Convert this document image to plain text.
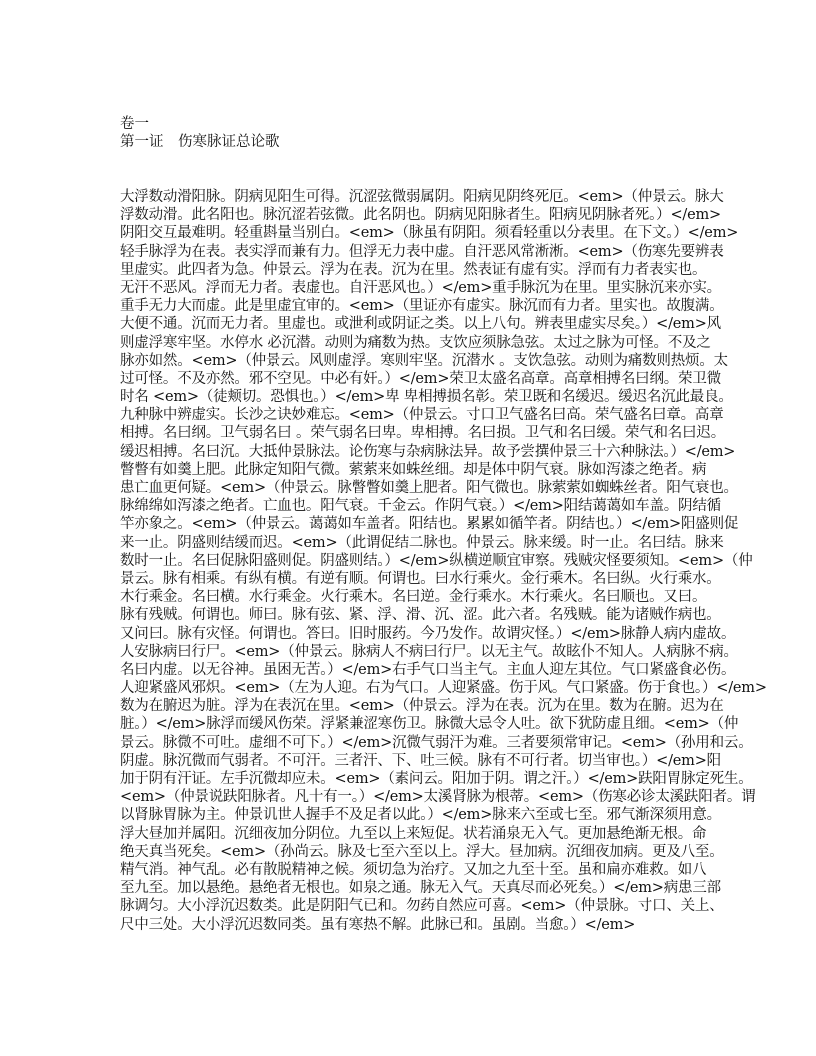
卷一
第一证　伤寒脉证总论歌
大浮数动滑阳脉。阴病见阳生可得。沉涩弦微弱属阴。阳病见阴终死厄。<em>（仲景云。脉大
浮数动滑。此名阳也。脉沉涩若弦微。此名阴也。阴病见阳脉者生。阳病见阴脉者死。）</em>
阴阳交互最难明。轻重斟量当别白。<em>（脉虽有阴阳。须看轻重以分表里。在下文。）</em>
轻手脉浮为在表。表实浮而兼有力。但浮无力表中虚。自汗恶风常淅淅。<em>（伤寒先要辨表
里虚实。此四者为急。仲景云。浮为在表。沉为在里。然表证有虚有实。浮而有力者表实也。
无汗不恶风。浮而无力者。表虚也。自汗恶风也。）</em>重手脉沉为在里。里实脉沉来亦实。
重手无力大而虚。此是里虚宜审的。<em>（里证亦有虚实。脉沉而有力者。里实也。故腹满。
大便不通。沉而无力者。里虚也。或泄利或阴证之类。以上八句。辨表里虚实尽矣。）</em>风
则虚浮寒牢坚。水停水 必沉潜。动则为痛数为热。支饮应须脉急弦。太过之脉为可怪。不及之
脉亦如然。<em>（仲景云。风则虚浮。寒则牢坚。沉潜水 。支饮急弦。动则为痛数则热烦。太
过可怪。不及亦然。邪不空见。中必有奸。）</em>荣卫太盛名高章。高章相搏名曰纲。荣卫微
时名 <em>（徒颊切。恐惧也。）</em>卑 卑相搏损名彰。荣卫既和名缓迟。缓迟名沉此最良。
九种脉中辨虚实。长沙之诀妙难忘。<em>（仲景云。寸口卫气盛名曰高。荣气盛名曰章。高章
相搏。名曰纲。卫气弱名曰 。荣气弱名曰卑。卑相搏。名曰损。卫气和名曰缓。荣气和名曰迟。
缓迟相搏。名曰沉。大抵仲景脉法。论伤寒与杂病脉法异。故予尝撰仲景三十六种脉法。）</em>
瞥瞥有如羹上肥。此脉定知阳气微。萦萦来如蛛丝细。却是体中阴气衰。脉如泻漆之绝者。病
患亡血更何疑。<em>（仲景云。脉瞥瞥如羹上肥者。阳气微也。脉萦萦如蜘蛛丝者。阳气衰也。
脉绵绵如泻漆之绝者。亡血也。阳气衰。千金云。作阴气衰。）</em>阳结蔼蔼如车盖。阴结循
竿亦象之。<em>（仲景云。蔼蔼如车盖者。阳结也。累累如循竿者。阴结也。）</em>阳盛则促
来一止。阴盛则结缓而迟。<em>（此谓促结二脉也。仲景云。脉来缓。时一止。名曰结。脉来
数时一止。名曰促脉阳盛则促。阴盛则结。）</em>纵横逆顺宜审察。残贼灾怪要须知。<em>（仲
景云。脉有相乘。有纵有横。有逆有顺。何谓也。曰水行乘火。金行乘木。名曰纵。火行乘水。
木行乘金。名曰横。水行乘金。火行乘木。名曰逆。金行乘水。木行乘火。名曰顺也。又曰。
脉有残贼。何谓也。师曰。脉有弦、紧、浮、滑、沉、涩。此六者。名残贼。能为诸贼作病也。
又问曰。脉有灾怪。何谓也。答曰。旧时服药。今乃发作。故谓灾怪。）</em>脉静人病内虚故。
人安脉病曰行尸。<em>（仲景云。脉病人不病曰行尸。以无主气。故眩仆不知人。人病脉不病。
名曰内虚。以无谷神。虽困无苦。）</em>右手气口当主气。主血人迎左其位。气口紧盛食必伤。
人迎紧盛风邪炽。<em>（左为人迎。右为气口。人迎紧盛。伤于风。气口紧盛。伤于食也。）</em>
数为在腑迟为脏。浮为在表沉在里。<em>（仲景云。浮为在表。沉为在里。数为在腑。迟为在
脏。）</em>脉浮而缓风伤荣。浮紧兼涩寒伤卫。脉微大忌令人吐。欲下犹防虚且细。<em>（仲
景云。脉微不可吐。虚细不可下。）</em>沉微气弱汗为难。三者要须常审记。<em>（孙用和云。
阴虚。脉沉微而气弱者。不可汗。三者汗、下、吐三候。脉有不可行者。切当审也。）</em>阳
加于阴有汗证。左手沉微却应未。<em>（素问云。阳加于阴。谓之汗。）</em>趺阳胃脉定死生。
<em>（仲景说趺阳脉者。凡十有一。）</em>太溪肾脉为根蒂。<em>（伤寒必诊太溪趺阳者。谓
以肾脉胃脉为主。仲景讥世人握手不及足者以此。）</em>脉来六至或七至。邪气渐深须用意。
浮大昼加并属阳。沉细夜加分阴位。九至以上来短促。状若涌泉无入气。更加悬绝渐无根。命
绝天真当死矣。<em>（孙尚云。脉及七至六至以上。浮大。昼加病。沉细夜加病。更及八至。
精气消。神气乱。必有散脱精神之候。须切急为治疗。又加之九至十至。虽和扁亦难救。如八
至九至。加以悬绝。悬绝者无根也。如泉之通。脉无入气。天真尽而必死矣。）</em>病患三部
脉调匀。大小浮沉迟数类。此是阴阳气已和。勿药自然应可喜。<em>（仲景脉。寸口、关上、
尺中三处。大小浮沉迟数同类。虽有寒热不解。此脉已和。虽剧。当愈。）</em>
